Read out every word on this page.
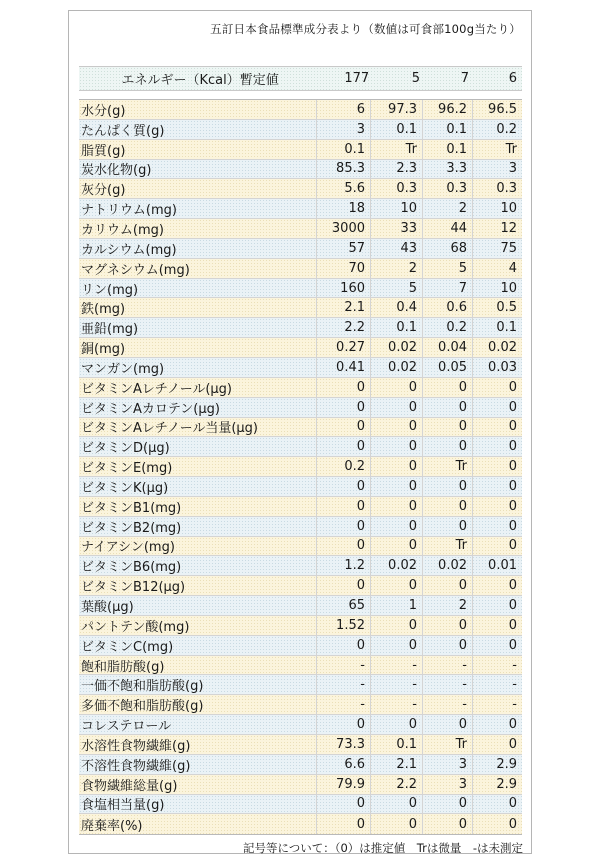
五訂日本食品標準成分表より（数値は可食部100g当たり）
エネルギー（Kcal）暫定値	177	5	7	6
水分(g)	6	97.3	96.2	96.5
たんぱく質(g)	3	0.1	0.1	0.2
脂質(g)	0.1	Tr	0.1	Tr
炭水化物(g)	85.3	2.3	3.3	3
灰分(g)	5.6	0.3	0.3	0.3
ナトリウム(mg)	18	10	2	10
カリウム(mg)	3000	33	44	12
カルシウム(mg)	57	43	68	75
マグネシウム(mg)	70	2	5	4
リン(mg)	160	5	7	10
鉄(mg)	2.1	0.4	0.6	0.5
亜鉛(mg)	2.2	0.1	0.2	0.1
銅(mg)	0.27	0.02	0.04	0.02
マンガン(mg)	0.41	0.02	0.05	0.03
ビタミンAレチノール(μg)	0	0	0	0
ビタミンAカロテン(μg)	0	0	0	0
ビタミンAレチノール当量(μg)	0	0	0	0
ビタミンD(μg)	0	0	0	0
ビタミンE(mg)	0.2	0	Tr	0
ビタミンK(μg)	0	0	0	0
ビタミンB1(mg)	0	0	0	0
ビタミンB2(mg)	0	0	0	0
ナイアシン(mg)	0	0	Tr	0
ビタミンB6(mg)	1.2	0.02	0.02	0.01
ビタミンB12(μg)	0	0	0	0
葉酸(μg)	65	1	2	0
パントテン酸(mg)	1.52	0	0	0
ビタミンC(mg)	0	0	0	0
飽和脂肪酸(g)	-	-	-	-
一価不飽和脂肪酸(g)	-	-	-	-
多価不飽和脂肪酸(g)	-	-	-	-
コレステロール	0	0	0	0
水溶性食物繊維(g)	73.3	0.1	Tr	0
不溶性食物繊維(g)	6.6	2.1	3	2.9
食物繊維総量(g)	79.9	2.2	3	2.9
食塩相当量(g)	0	0	0	0
廃棄率(%)	0	0	0	0
記号等について：（0）は推定値　Trは微量　-は未測定
